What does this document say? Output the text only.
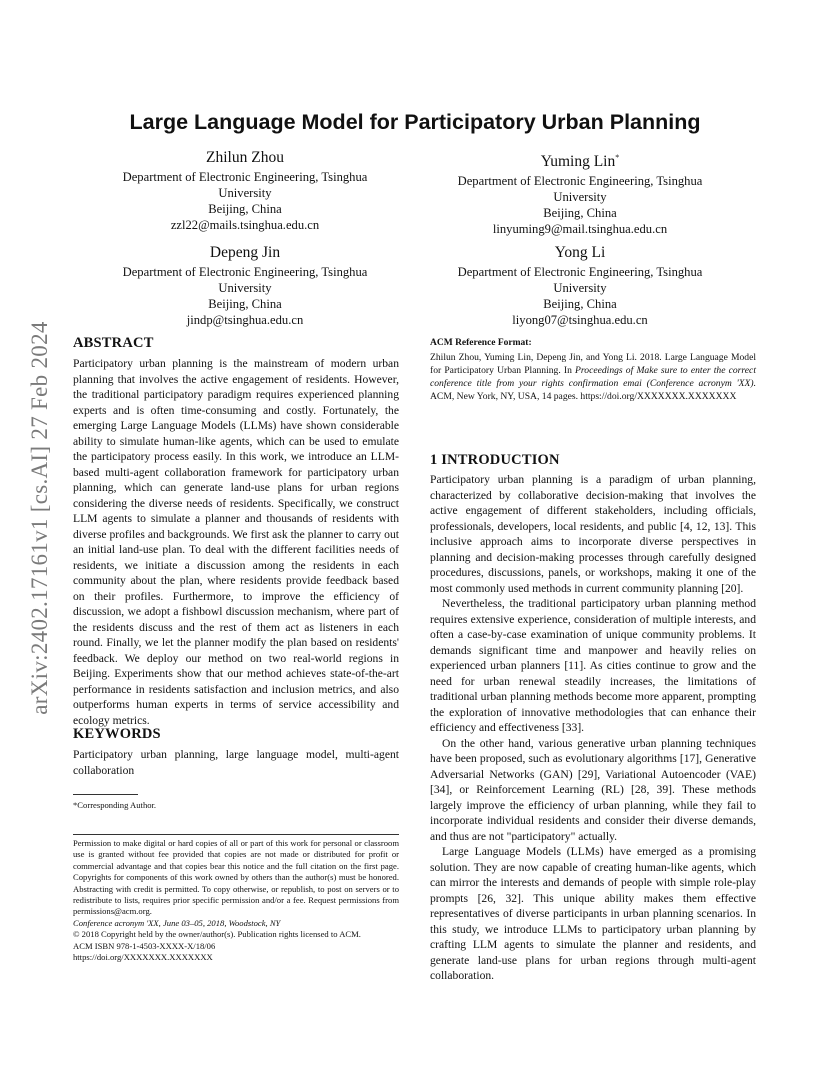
arXiv:2402.17161v1 [cs.AI] 27 Feb 2024
Large Language Model for Participatory Urban Planning
Zhilun Zhou
Department of Electronic Engineering, Tsinghua
University
Beijing, China
zzl22@mails.tsinghua.edu.cn
Yuming Lin*
Department of Electronic Engineering, Tsinghua
University
Beijing, China
linyuming9@mail.tsinghua.edu.cn
Depeng Jin
Department of Electronic Engineering, Tsinghua
University
Beijing, China
jindp@tsinghua.edu.cn
Yong Li
Department of Electronic Engineering, Tsinghua
University
Beijing, China
liyong07@tsinghua.edu.cn
ABSTRACT
Participatory urban planning is the mainstream of modern urban planning that involves the active engagement of residents. However, the traditional participatory paradigm requires experienced planning experts and is often time-consuming and costly. Fortunately, the emerging Large Language Models (LLMs) have shown considerable ability to simulate human-like agents, which can be used to emulate the participatory process easily. In this work, we introduce an LLM-based multi-agent collaboration framework for participatory urban planning, which can generate land-use plans for urban regions considering the diverse needs of residents. Specifically, we construct LLM agents to simulate a planner and thousands of residents with diverse profiles and backgrounds. We first ask the planner to carry out an initial land-use plan. To deal with the different facilities needs of residents, we initiate a discussion among the residents in each community about the plan, where residents provide feedback based on their profiles. Furthermore, to improve the efficiency of discussion, we adopt a fishbowl discussion mechanism, where part of the residents discuss and the rest of them act as listeners in each round. Finally, we let the planner modify the plan based on residents' feedback. We deploy our method on two real-world regions in Beijing. Experiments show that our method achieves state-of-the-art performance in residents satisfaction and inclusion metrics, and also outperforms human experts in terms of service accessibility and ecology metrics.
KEYWORDS
Participatory urban planning, large language model, multi-agent collaboration
*Corresponding Author.
Permission to make digital or hard copies of all or part of this work for personal or classroom use is granted without fee provided that copies are not made or distributed for profit or commercial advantage and that copies bear this notice and the full citation on the first page. Copyrights for components of this work owned by others than the author(s) must be honored. Abstracting with credit is permitted. To copy otherwise, or republish, to post on servers or to redistribute to lists, requires prior specific permission and/or a fee. Request permissions from permissions@acm.org.
Conference acronym 'XX, June 03–05, 2018, Woodstock, NY
© 2018 Copyright held by the owner/author(s). Publication rights licensed to ACM.
ACM ISBN 978-1-4503-XXXX-X/18/06
https://doi.org/XXXXXXX.XXXXXXX
ACM Reference Format:
Zhilun Zhou, Yuming Lin, Depeng Jin, and Yong Li. 2018. Large Language Model for Participatory Urban Planning. In Proceedings of Make sure to enter the correct conference title from your rights confirmation emai (Conference acronym 'XX). ACM, New York, NY, USA, 14 pages. https://doi.org/XXXXXXX.XXXXXXX
1 INTRODUCTION

Participatory urban planning is a paradigm of urban planning, characterized by collaborative decision-making that involves the active engagement of different stakeholders, including officials, professionals, developers, local residents, and public [4, 12, 13]. This inclusive approach aims to incorporate diverse perspectives in planning and decision-making processes through carefully designed procedures, discussions, panels, or workshops, making it one of the most commonly used methods in current community planning [20].

Nevertheless, the traditional participatory urban planning method requires extensive experience, consideration of multiple interests, and often a case-by-case examination of unique community problems. It demands significant time and manpower and heavily relies on experienced urban planners [11]. As cities continue to grow and the need for urban renewal steadily increases, the limitations of traditional urban planning methods become more apparent, prompting the exploration of innovative methodologies that can enhance their efficiency and effectiveness [33].

On the other hand, various generative urban planning techniques have been proposed, such as evolutionary algorithms [17], Generative Adversarial Networks (GAN) [29], Variational Autoencoder (VAE) [34], or Reinforcement Learning (RL) [28, 39]. These methods largely improve the efficiency of urban planning, while they fail to incorporate individual residents and consider their diverse demands, and thus are not "participatory" actually.

Large Language Models (LLMs) have emerged as a promising solution. They are now capable of creating human-like agents, which can mirror the interests and demands of people with simple role-play prompts [26, 32]. This unique ability makes them effective representatives of diverse participants in urban planning scenarios. In this study, we introduce LLMs to participatory urban planning by crafting LLM agents to simulate the planner and residents, and generate land-use plans for urban regions through multi-agent collaboration.
